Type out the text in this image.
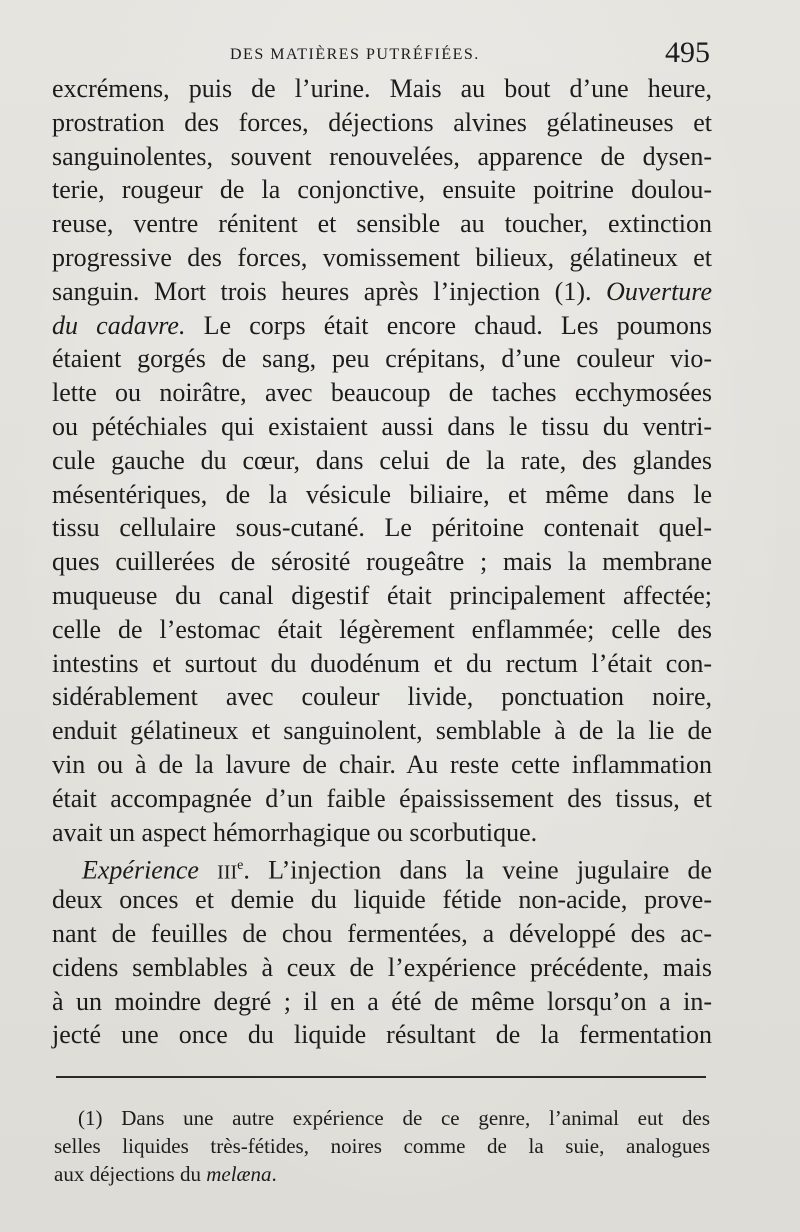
DES MATIÈRES PUTRÉFIÉES.	495
excrémens, puis de l’urine. Mais au bout d’une heure,
prostration des forces, déjections alvines gélatineuses et
sanguinolentes, souvent renouvelées, apparence de dysen-
terie, rougeur de la conjonctive, ensuite poitrine doulou-
reuse, ventre rénitent et sensible au toucher, extinction
progressive des forces, vomissement bilieux, gélatineux et
sanguin. Mort trois heures après l’injection (1). Ouverture
du cadavre. Le corps était encore chaud. Les poumons
étaient gorgés de sang, peu crépitans, d’une couleur vio-
lette ou noirâtre, avec beaucoup de taches ecchymosées
ou pétéchiales qui existaient aussi dans le tissu du ventri-
cule gauche du cœur, dans celui de la rate, des glandes
mésentériques, de la vésicule biliaire, et même dans le
tissu cellulaire sous-cutané. Le péritoine contenait quel-
ques cuillerées de sérosité rougeâtre ; mais la membrane
muqueuse du canal digestif était principalement affectée;
celle de l’estomac était légèrement enflammée; celle des
intestins et surtout du duodénum et du rectum l’était con-
sidérablement avec couleur livide, ponctuation noire,
enduit gélatineux et sanguinolent, semblable à de la lie de
vin ou à de la lavure de chair. Au reste cette inflammation
était accompagnée d’un faible épaississement des tissus, et
avait un aspect hémorrhagique ou scorbutique.
Expérience IIIe. L’injection dans la veine jugulaire de
deux onces et demie du liquide fétide non-acide, prove-
nant de feuilles de chou fermentées, a développé des ac-
cidens semblables à ceux de l’expérience précédente, mais
à un moindre degré ; il en a été de même lorsqu’on a in-
jecté une once du liquide résultant de la fermentation
(1) Dans une autre expérience de ce genre, l’animal eut des
selles liquides très-fétides, noires comme de la suie, analogues
aux déjections du melæna.
